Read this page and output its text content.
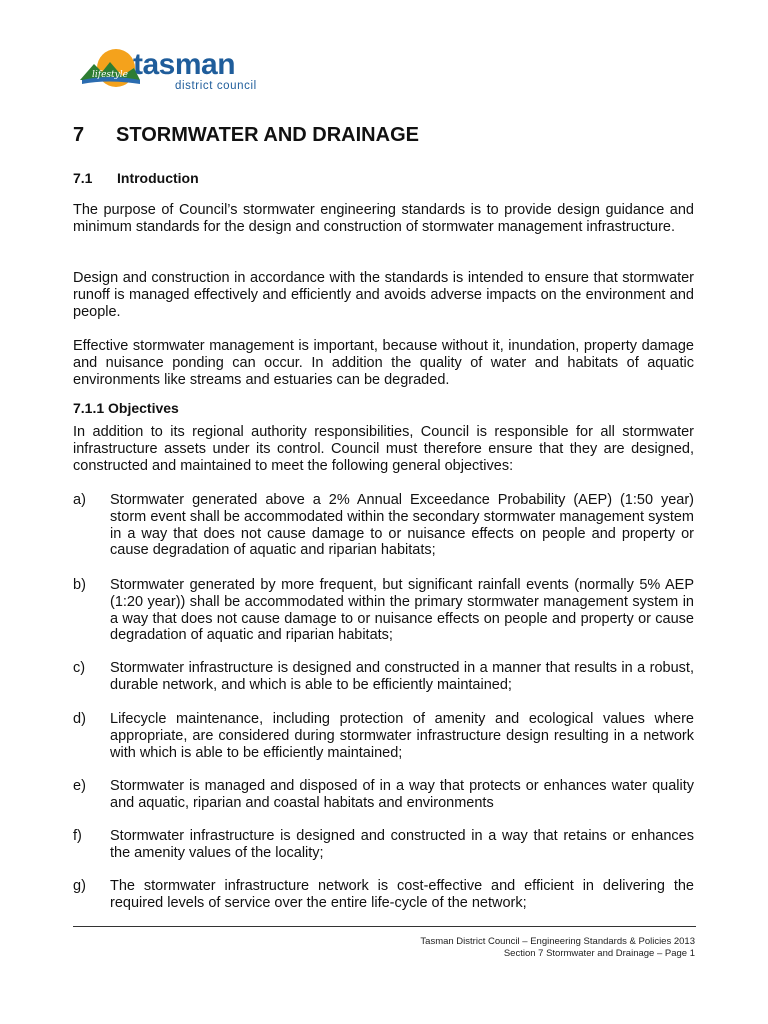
lifestyle tasman
district council
7 STORMWATER AND DRAINAGE
7.1 Introduction

The purpose of Council’s stormwater engineering standards is to provide design guidance and minimum standards for the design and construction of stormwater management infrastructure.

Design and construction in accordance with the standards is intended to ensure that stormwater runoff is managed effectively and efficiently and avoids adverse impacts on the environment and people.

Effective stormwater management is important, because without it, inundation, property damage and nuisance ponding can occur. In addition the quality of water and habitats of aquatic environments like streams and estuaries can be degraded.

7.1.1 Objectives

In addition to its regional authority responsibilities, Council is responsible for all stormwater infrastructure assets under its control. Council must therefore ensure that they are designed, constructed and maintained to meet the following general objectives:

a) Stormwater generated above a 2% Annual Exceedance Probability (AEP) (1:50 year) storm event shall be accommodated within the secondary stormwater management system in a way that does not cause damage to or nuisance effects on people and property or cause degradation of aquatic and riparian habitats;
b) Stormwater generated by more frequent, but significant rainfall events (normally 5% AEP (1:20 year)) shall be accommodated within the primary stormwater management system in a way that does not cause damage to or nuisance effects on people and property or cause degradation of aquatic and riparian habitats;
c) Stormwater infrastructure is designed and constructed in a manner that results in a robust, durable network, and which is able to be efficiently maintained;
d) Lifecycle maintenance, including protection of amenity and ecological values where appropriate, are considered during stormwater infrastructure design resulting in a network with which is able to be efficiently maintained;
e) Stormwater is managed and disposed of in a way that protects or enhances water quality and aquatic, riparian and coastal habitats and environments
f) Stormwater infrastructure is designed and constructed in a way that retains or enhances the amenity values of the locality;
g) The stormwater infrastructure network is cost-effective and efficient in delivering the required levels of service over the entire life-cycle of the network;
Tasman District Council – Engineering Standards & Policies 2013
Section 7 Stormwater and Drainage – Page 1
